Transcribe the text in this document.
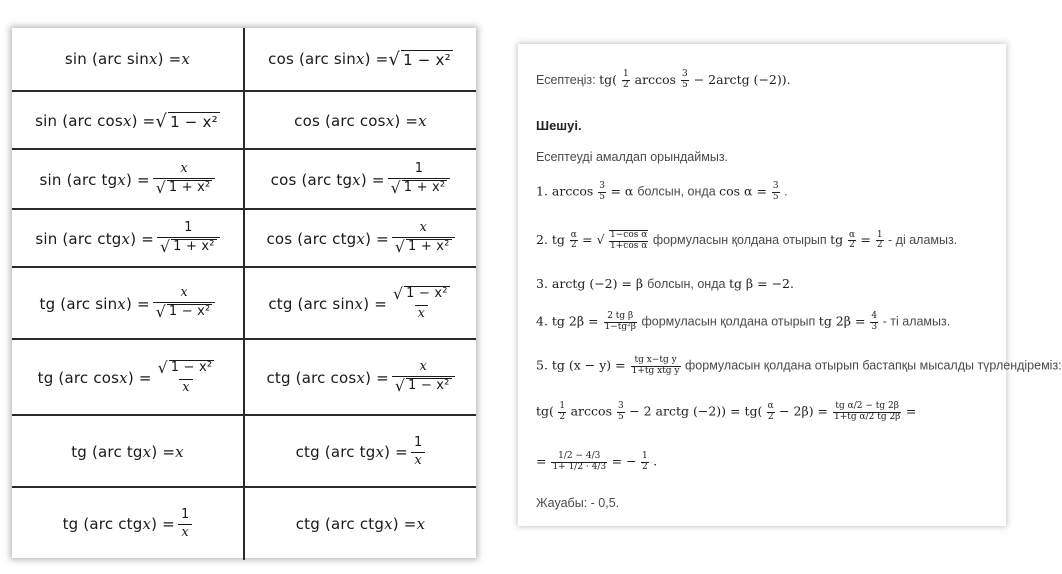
sin (arc sin x ) = x	cos (arc sin x ) = √ 1 − x²
sin (arc cos x ) = √ 1 − x²	cos (arc cos x ) = x
sin (arc tg x ) = $\frac{x}{\text{√ 1 + x²}}$	cos (arc tg x ) = $\frac{1}{\text{√ 1 + x²}}$
sin (arc ctg x ) = $\frac{1}{\text{√ 1 + x²}}$	cos (arc ctg x ) = $\frac{x}{\text{√ 1 + x²}}$
tg (arc sin x ) = $\frac{x}{\text{√ 1 − x²}}$	ctg (arc sin x ) = $\frac{\text{√ 1 − x²}}{x}$
tg (arc cos x ) = $\frac{\text{√ 1 − x²}}{x}$	ctg (arc cos x ) = $\frac{x}{\text{√ 1 − x²}}$
tg (arc tg x ) = x	ctg (arc tg x ) = $\frac{1}{x}$
tg (arc ctg x ) = $\frac{1}{x}$	ctg (arc ctg x ) = x
Есептеңіз: $tg( \frac{1}{2}$ $\arccos \frac{3}{5}$ − 2arctg (−2)).
Шешуі.
Есептеуді амалдап орындаймыз.
1. $\arccos \frac{3}{5} = \alpha$ болсын, онда $\cos \alpha = \frac{3}{5}$ .
2. tg $\frac{\alpha}{2}$ = √ $\frac{\text{1−cos α}}{\text{1+cos α}}$ формуласын қолдана отырып tg $\frac{\alpha}{2} = \frac{1}{2}$ - ді аламыз.
3. arctg (−2) = β болсын, онда tg β = −2.
4. tg $2\beta = \frac{\text{2 tg β}}{\text{1−tg²β}}$ формуласын қолдана отырып tg $2\beta = \frac{4}{3}$ - ті аламыз.
5. tg (x − y) = tg x−tg y
1+tg xtg y формуласын қолдана отырып бастапқы мысалды түрлендіреміз:
$tg( \frac{1}{2}$ $\arccos \frac{3}{5} - 2$ arctg $(-2)) = tg( \frac{\alpha}{2} - 2\beta) = \frac{\text{tg α/2 − tg 2β}}{\text{1+tg α/2 tg 2β}}$ =
= $\frac{1/2 - 4/3}{1+ 1/2 \cdot 4/3}$ = − $\frac{1}{2}$ .
Жауабы: - 0,5.
